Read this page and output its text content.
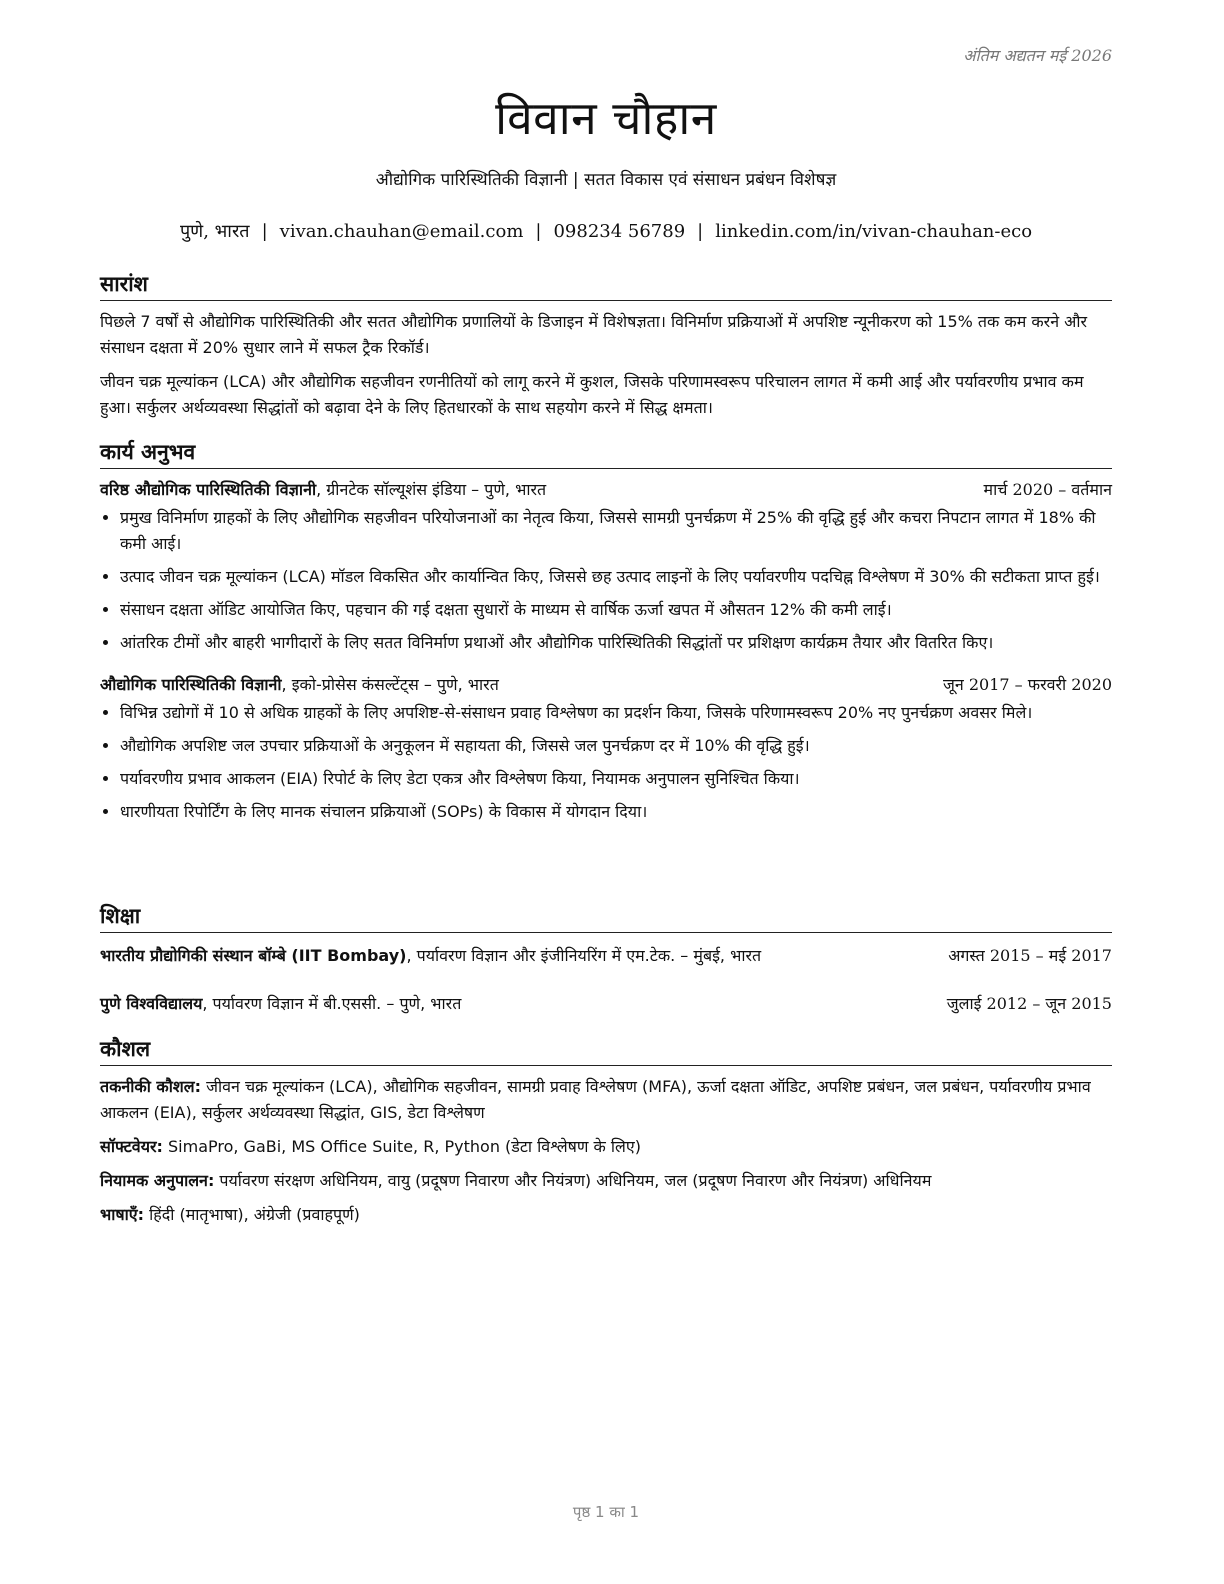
अंतिम अद्यतन मई 2026
विवान चौहान
औद्योगिक पारिस्थितिकी विज्ञानी | सतत विकास एवं संसाधन प्रबंधन विशेषज्ञ
पुणे, भारत | vivan.chauhan@email.com | 098234 56789 | linkedin.com/in/vivan-chauhan-eco
सारांश

पिछले 7 वर्षों से औद्योगिक पारिस्थितिकी और सतत औद्योगिक प्रणालियों के डिजाइन में विशेषज्ञता। विनिर्माण प्रक्रियाओं में अपशिष्ट न्यूनीकरण को 15% तक कम करने और संसाधन दक्षता में 20% सुधार लाने में सफल ट्रैक रिकॉर्ड।

जीवन चक्र मूल्यांकन (LCA) और औद्योगिक सहजीवन रणनीतियों को लागू करने में कुशल, जिसके परिणामस्वरूप परिचालन लागत में कमी आई और पर्यावरणीय प्रभाव कम हुआ। सर्कुलर अर्थव्यवस्था सिद्धांतों को बढ़ावा देने के लिए हितधारकों के साथ सहयोग करने में सिद्ध क्षमता।

कार्य अनुभव
वरिष्ठ औद्योगिक पारिस्थितिकी विज्ञानी, ग्रीनटेक सॉल्यूशंस इंडिया – पुणे, भारत	मार्च 2020 – वर्तमान
• प्रमुख विनिर्माण ग्राहकों के लिए औद्योगिक सहजीवन परियोजनाओं का नेतृत्व किया, जिससे सामग्री पुनर्चक्रण में 25% की वृद्धि हुई और कचरा निपटान लागत में 18% की कमी आई।
• उत्पाद जीवन चक्र मूल्यांकन (LCA) मॉडल विकसित और कार्यान्वित किए, जिससे छह उत्पाद लाइनों के लिए पर्यावरणीय पदचिह्न विश्लेषण में 30% की सटीकता प्राप्त हुई।
• संसाधन दक्षता ऑडिट आयोजित किए, पहचान की गई दक्षता सुधारों के माध्यम से वार्षिक ऊर्जा खपत में औसतन 12% की कमी लाई।
• आंतरिक टीमों और बाहरी भागीदारों के लिए सतत विनिर्माण प्रथाओं और औद्योगिक पारिस्थितिकी सिद्धांतों पर प्रशिक्षण कार्यक्रम तैयार और वितरित किए।
औद्योगिक पारिस्थितिकी विज्ञानी, इको-प्रोसेस कंसल्टेंट्स – पुणे, भारत	जून 2017 – फरवरी 2020
• विभिन्न उद्योगों में 10 से अधिक ग्राहकों के लिए अपशिष्ट-से-संसाधन प्रवाह विश्लेषण का प्रदर्शन किया, जिसके परिणामस्वरूप 20% नए पुनर्चक्रण अवसर मिले।
• औद्योगिक अपशिष्ट जल उपचार प्रक्रियाओं के अनुकूलन में सहायता की, जिससे जल पुनर्चक्रण दर में 10% की वृद्धि हुई।
• पर्यावरणीय प्रभाव आकलन (EIA) रिपोर्ट के लिए डेटा एकत्र और विश्लेषण किया, नियामक अनुपालन सुनिश्चित किया।
• धारणीयता रिपोर्टिंग के लिए मानक संचालन प्रक्रियाओं (SOPs) के विकास में योगदान दिया।
शिक्षा
भारतीय प्रौद्योगिकी संस्थान बॉम्बे (IIT Bombay), पर्यावरण विज्ञान और इंजीनियरिंग में एम.टेक. – मुंबई, भारत	अगस्त 2015 – मई 2017
पुणे विश्वविद्यालय, पर्यावरण विज्ञान में बी.एससी. – पुणे, भारत	जुलाई 2012 – जून 2015
कौशल

तकनीकी कौशल: जीवन चक्र मूल्यांकन (LCA), औद्योगिक सहजीवन, सामग्री प्रवाह विश्लेषण (MFA), ऊर्जा दक्षता ऑडिट, अपशिष्ट प्रबंधन, जल प्रबंधन, पर्यावरणीय प्रभाव आकलन (EIA), सर्कुलर अर्थव्यवस्था सिद्धांत, GIS, डेटा विश्लेषण

सॉफ्टवेयर: SimaPro, GaBi, MS Office Suite, R, Python (डेटा विश्लेषण के लिए)

नियामक अनुपालन: पर्यावरण संरक्षण अधिनियम, वायु (प्रदूषण निवारण और नियंत्रण) अधिनियम, जल (प्रदूषण निवारण और नियंत्रण) अधिनियम

भाषाएँ: हिंदी (मातृभाषा), अंग्रेजी (प्रवाहपूर्ण)

पृष्ठ 1 का 1
